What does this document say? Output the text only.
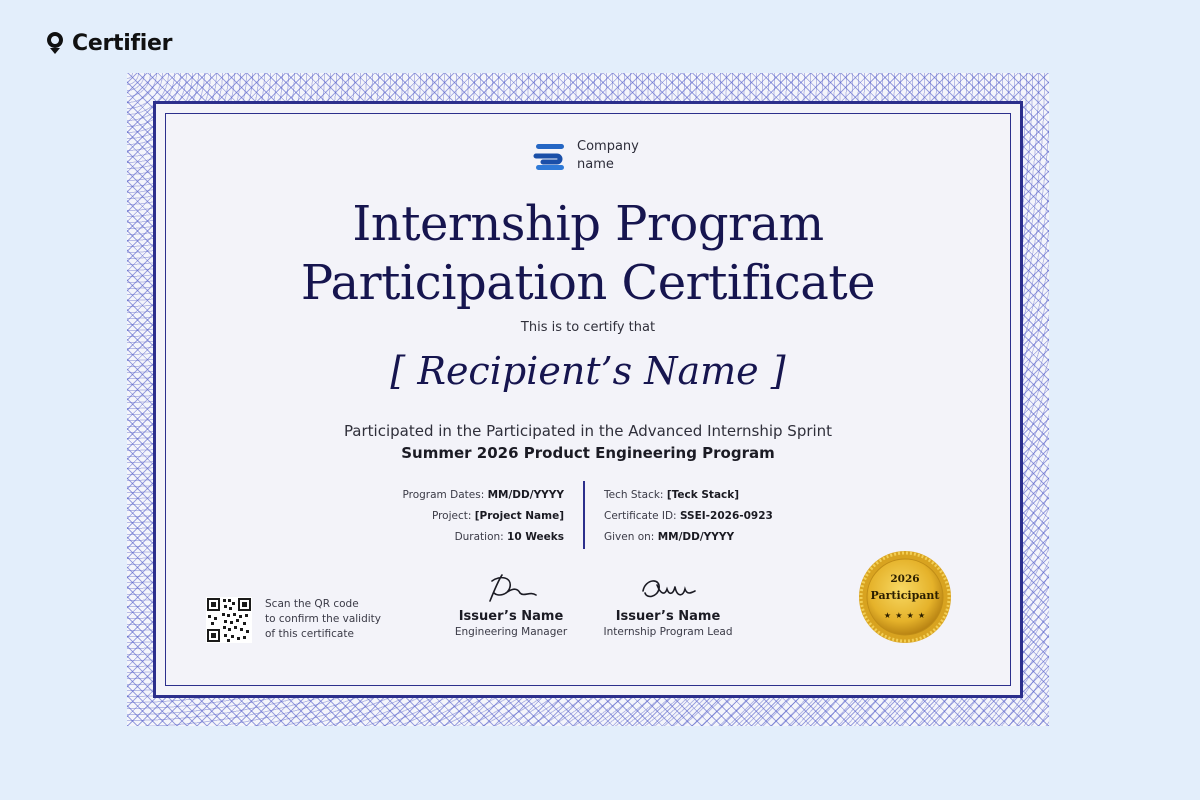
Certifier
Company
name
Internship Program
Participation Certificate
This is to certify that
[ Recipient’s Name ]
Participated in the Participated in the Advanced Internship Sprint
Summer 2026 Product Engineering Program
Program Dates: MM/DD/YYYY
Project: [Project Name]
Duration: 10 Weeks
Tech Stack: [Teck Stack]
Certificate ID: SSEI-2026-0923
Given on: MM/DD/YYYY
Scan the QR code
to confirm the validity
of this certificate
Issuer’s Name
Engineering Manager
Issuer’s Name
Internship Program Lead
2026
Participant
★ ★ ★ ★
